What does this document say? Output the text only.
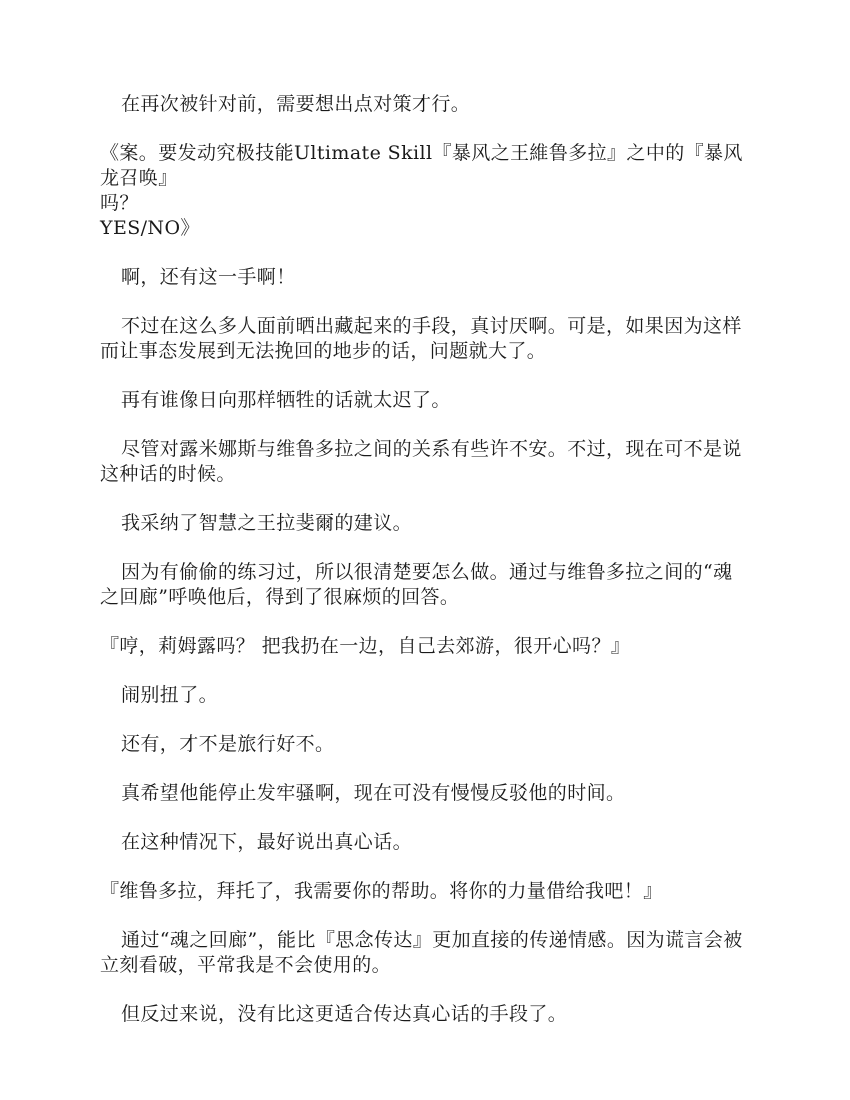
在再次被针对前，需要想出点对策才行。

《案。要发动究极技能Ultimate Skill『暴风之王維鲁多拉』之中的『暴风龙召唤』
吗？
YES/NO》

啊，还有这一手啊！

不过在这么多人面前晒出藏起来的手段，真讨厌啊。可是，如果因为这样而让事态发展到无法挽回的地步的话，问题就大了。

再有谁像日向那样牺牲的话就太迟了。

尽管对露米娜斯与维鲁多拉之间的关系有些许不安。不过，现在可不是说这种话的时候。

我采纳了智慧之王拉斐爾的建议。

因为有偷偷的练习过，所以很清楚要怎么做。通过与维鲁多拉之间的“魂之回廊”呼唤他后，得到了很麻烦的回答。

『哼，莉姆露吗？ 把我扔在一边，自己去郊游，很开心吗？』

闹别扭了。

还有，才不是旅行好不。

真希望他能停止发牢骚啊，现在可没有慢慢反驳他的时间。

在这种情况下，最好说出真心话。

『维鲁多拉，拜托了，我需要你的帮助。将你的力量借给我吧！』

通过“魂之回廊”，能比『思念传达』更加直接的传递情感。因为谎言会被立刻看破，平常我是不会使用的。

但反过来说，没有比这更适合传达真心话的手段了。
